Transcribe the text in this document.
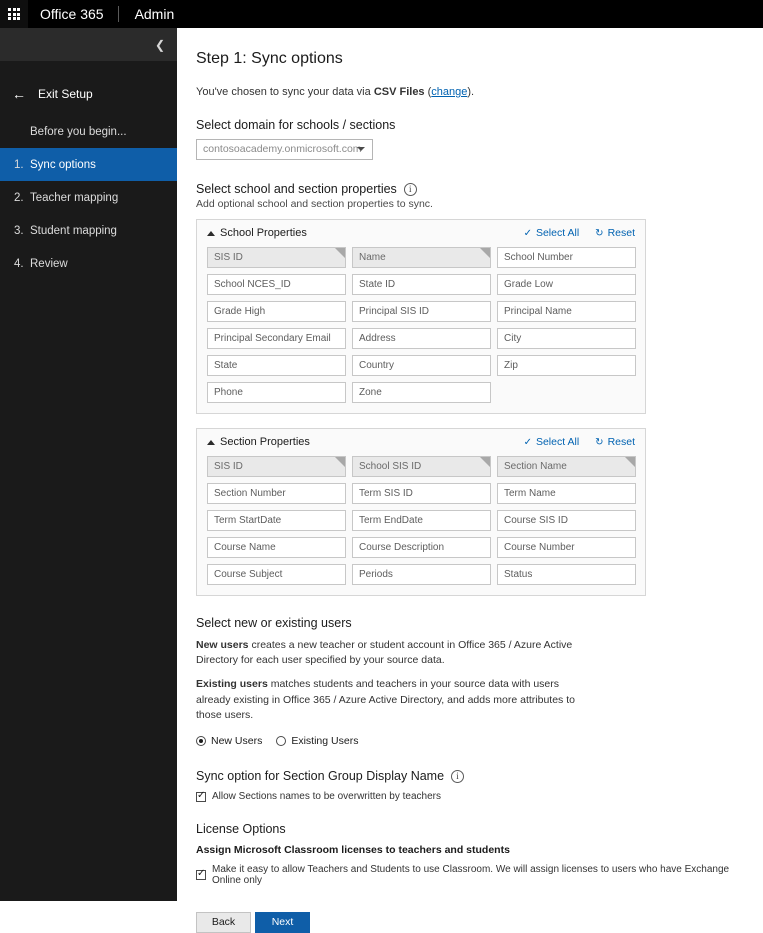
Office 365	Admin
❮
← Exit Setup
Before you begin...
1. Sync options
2. Teacher mapping
3. Student mapping
4. Review
Step 1: Sync options

You've chosen to sync your data via CSV Files (change).

Select domain for schools / sections
contosoacademy.onmicrosoft.com
Select school and section properties	i

Add optional school and section properties to sync.

School Properties	✓ Select All ↻ Reset
SIS ID	Name	School Number
School NCES_ID	State ID	Grade Low
Grade High	Principal SIS ID	Principal Name
Principal Secondary Email	Address	City
State	Country	Zip
Phone	Zone
Section Properties	✓ Select All ↻ Reset
SIS ID	School SIS ID	Section Name
Section Number	Term SIS ID	Term Name
Term StartDate	Term EndDate	Course SIS ID
Course Name	Course Description	Course Number
Course Subject	Periods	Status
Select new or existing users

New users creates a new teacher or student account in Office 365 / Azure Active Directory for each user specified by your source data.

Existing users matches students and teachers in your source data with users already existing in Office 365 / Azure Active Directory, and adds more attributes to those users.

New Users	Existing Users
Sync option for Section Group Display Name	i
✓
Allow Sections names to be overwritten by teachers
License Options
Assign Microsoft Classroom licenses to teachers and students
✓
Make it easy to allow Teachers and Students to use Classroom. We will assign licenses to users who have Exchange Online only
Back	Next
